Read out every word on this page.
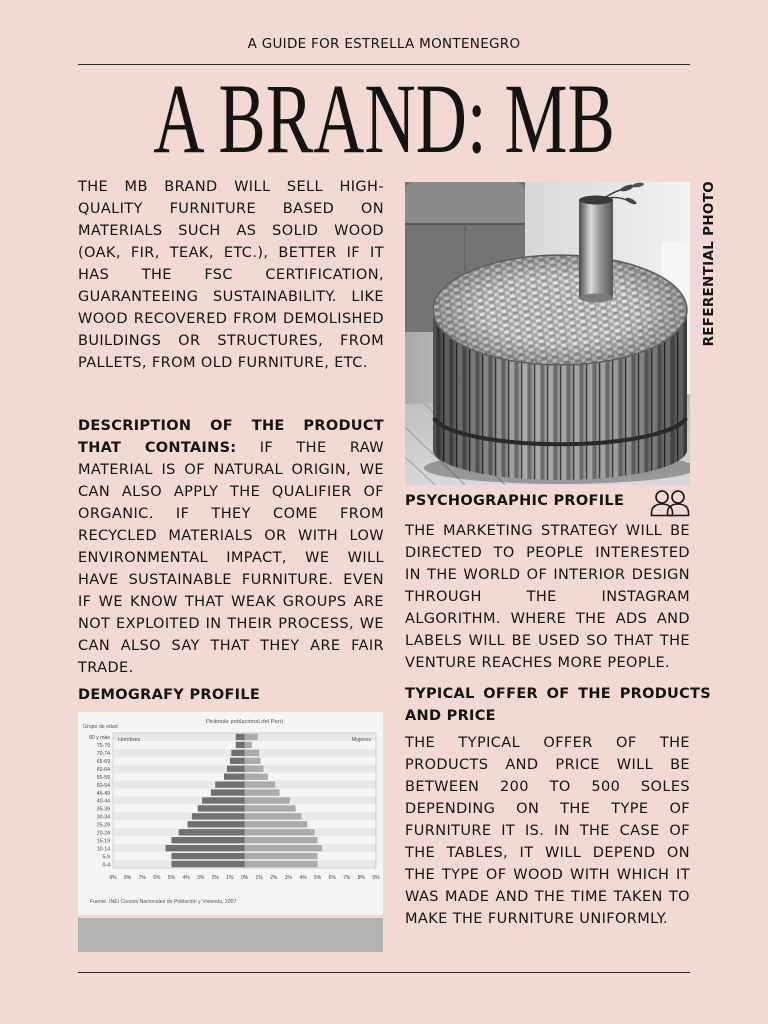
A GUIDE FOR ESTRELLA MONTENEGRO

A BRAND: MB

THE MB BRAND WILL SELL HIGH-QUALITY FURNITURE BASED ON MATERIALS SUCH AS SOLID WOOD (OAK, FIR, TEAK, ETC.), BETTER IF IT HAS THE FSC CERTIFICATION, GUARANTEEING SUSTAINABILITY. LIKE WOOD RECOVERED FROM DEMOLISHED BUILDINGS OR STRUCTURES, FROM PALLETS, FROM OLD FURNITURE, ETC.

DESCRIPTION OF THE PRODUCT THAT CONTAINS: IF THE RAW MATERIAL IS OF NATURAL ORIGIN, WE CAN ALSO APPLY THE QUALIFIER OF ORGANIC. IF THEY COME FROM RECYCLED MATERIALS OR WITH LOW ENVIRONMENTAL IMPACT, WE WILL HAVE SUSTAINABLE FURNITURE. EVEN IF WE KNOW THAT WEAK GROUPS ARE NOT EXPLOITED IN THEIR PROCESS, WE CAN ALSO SAY THAT THEY ARE FAIR TRADE.

DEMOGRAFY PROFILE

Pirámide poblacional del Perú
Grupo de edad
Fuente: INEI Censos Nacionales de Población y Vivienda, 2007
80 y más
75-79
70-74
65-69
60-64
55-59
50-54
45-49
40-44
35-39
30-34
25-29
20-24
15-19
10-14
5-9
0-4
Hombres	Mujeres
9% 8% 7% 6% 5% 4% 3% 2% 1% 0% 1% 2% 3% 4% 5% 6% 7% 8% 9%

REFERENTIAL PHOTO

PSYCHOGRAPHIC PROFILE

THE MARKETING STRATEGY WILL BE DIRECTED TO PEOPLE INTERESTED IN THE WORLD OF INTERIOR DESIGN THROUGH THE INSTAGRAM ALGORITHM. WHERE THE ADS AND LABELS WILL BE USED SO THAT THE VENTURE REACHES MORE PEOPLE.

TYPICAL OFFER OF THE PRODUCTS AND PRICE

THE TYPICAL OFFER OF THE PRODUCTS AND PRICE WILL BE BETWEEN 200 TO 500 SOLES DEPENDING ON THE TYPE OF FURNITURE IT IS. IN THE CASE OF THE TABLES, IT WILL DEPEND ON THE TYPE OF WOOD WITH WHICH IT WAS MADE AND THE TIME TAKEN TO MAKE THE FURNITURE UNIFORMLY.
